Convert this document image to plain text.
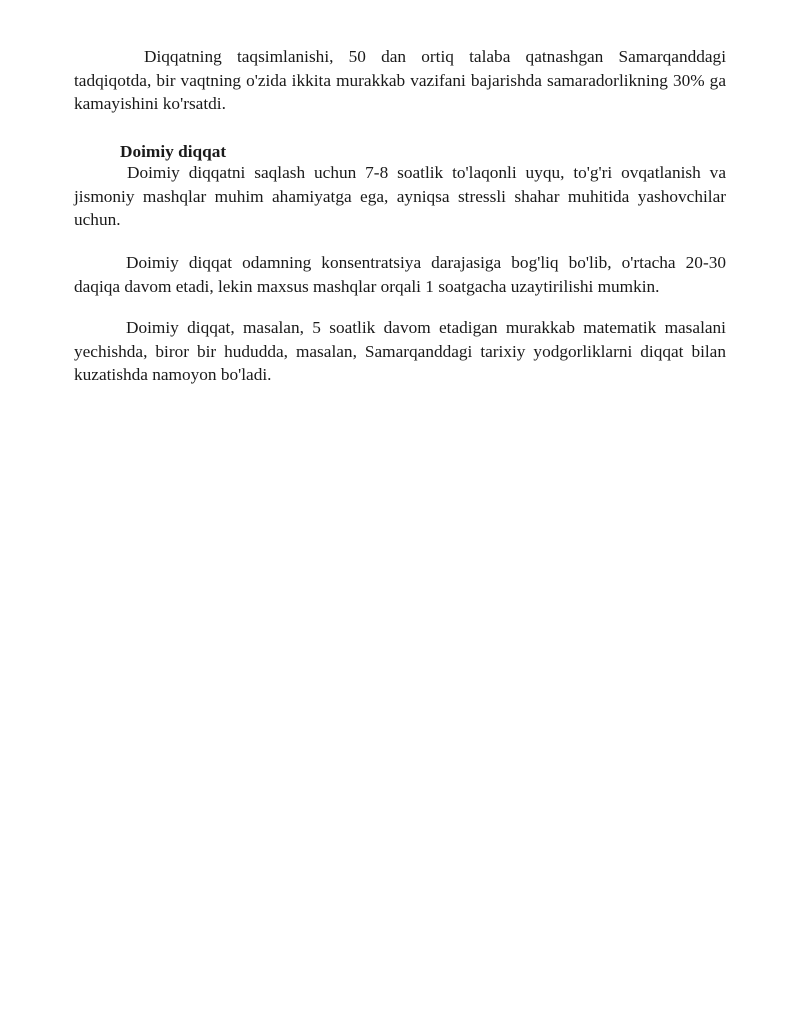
Diqqatning taqsimlanishi, 50 dan ortiq talaba qatnashgan Samarqanddagi tadqiqotda, bir vaqtning o'zida ikkita murakkab vazifani bajarishda samaradorlikning 30% ga kamayishini ko'rsatdi.

Doimiy diqqat

Doimiy diqqatni saqlash uchun 7-8 soatlik to'laqonli uyqu, to'g'ri ovqatlanish va jismoniy mashqlar muhim ahamiyatga ega, ayniqsa stressli shahar muhitida yashovchilar uchun.

Doimiy diqqat odamning konsentratsiya darajasiga bog'liq bo'lib, o'rtacha 20-30 daqiqa davom etadi, lekin maxsus mashqlar orqali 1 soatgacha uzaytirilishi mumkin.

Doimiy diqqat, masalan, 5 soatlik davom etadigan murakkab matematik masalani yechishda, biror bir hududda, masalan, Samarqanddagi tarixiy yodgorliklarni diqqat bilan kuzatishda namoyon bo'ladi.
